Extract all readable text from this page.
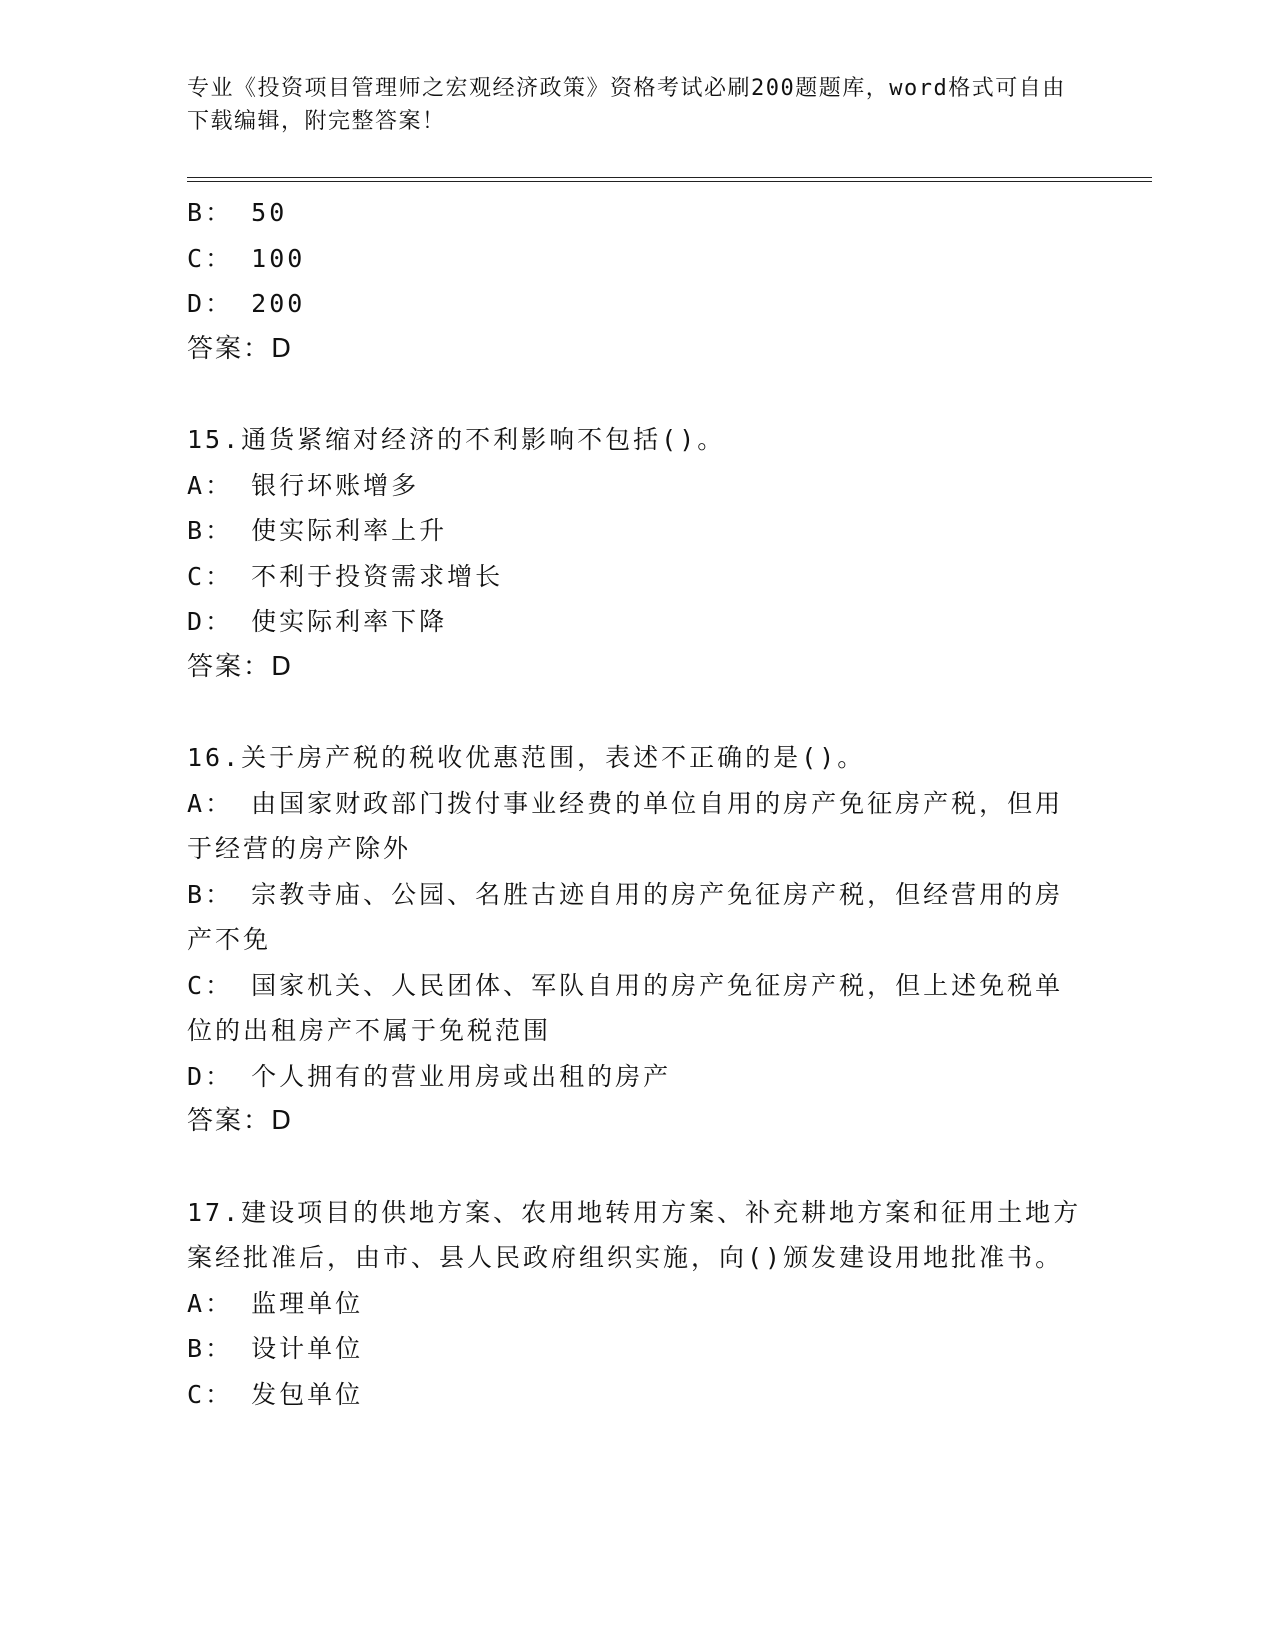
专业《投资项目管理师之宏观经济政策》资格考试必刷200题题库，word格式可自由下载编辑，附完整答案！
B： 50
C： 100
D： 200
答案：D
15.通货紧缩对经济的不利影响不包括()。
A： 银行坏账增多
B： 使实际利率上升
C： 不利于投资需求增长
D： 使实际利率下降
答案：D
16.关于房产税的税收优惠范围，表述不正确的是()。
A： 由国家财政部门拨付事业经费的单位自用的房产免征房产税，但用于经营的房产除外
B： 宗教寺庙、公园、名胜古迹自用的房产免征房产税，但经营用的房产不免
C： 国家机关、人民团体、军队自用的房产免征房产税，但上述免税单位的出租房产不属于免税范围
D： 个人拥有的营业用房或出租的房产
答案：D
17.建设项目的供地方案、农用地转用方案、补充耕地方案和征用土地方案经批准后，由市、县人民政府组织实施，向()颁发建设用地批准书。
A： 监理单位
B： 设计单位
C： 发包单位
